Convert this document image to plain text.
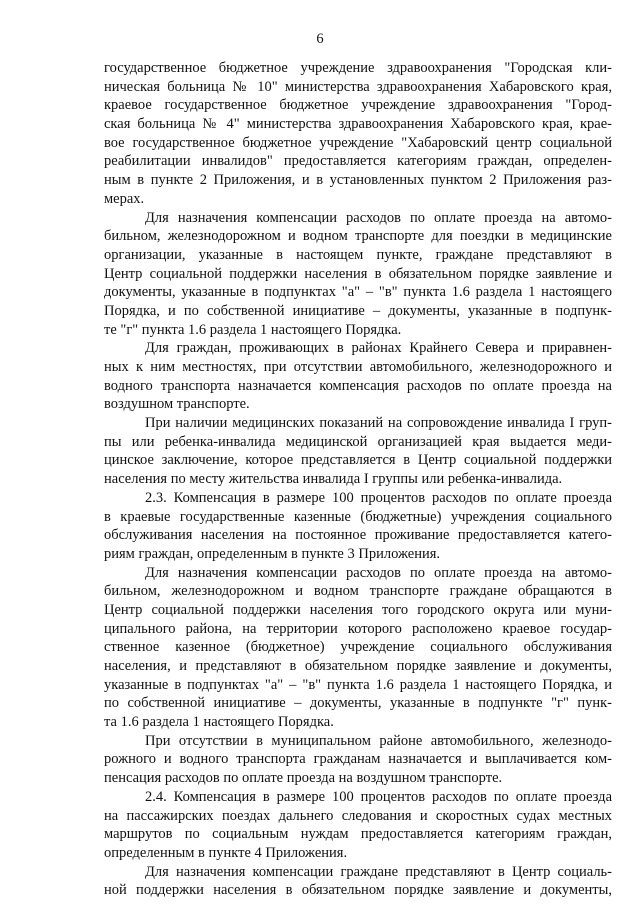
6
государственное бюджетное учреждение здравоохранения "Городская кли-
ническая больница № 10" министерства здравоохранения Хабаровского края,
краевое государственное бюджетное учреждение здравоохранения "Город-
ская больница № 4" министерства здравоохранения Хабаровского края, крае-
вое государственное бюджетное учреждение "Хабаровский центр социальной
реабилитации инвалидов" предоставляется категориям граждан, определен-
ным в пункте 2 Приложения, и в установленных пунктом 2 Приложения раз-
мерах.
Для назначения компенсации расходов по оплате проезда на автомо-
бильном, железнодорожном и водном транспорте для поездки в медицинские
организации, указанные в настоящем пункте, граждане представляют в
Центр социальной поддержки населения в обязательном порядке заявление и
документы, указанные в подпунктах "а" – "в" пункта 1.6 раздела 1 настоящего
Порядка, и по собственной инициативе – документы, указанные в подпунк-
те "г" пункта 1.6 раздела 1 настоящего Порядка.
Для граждан, проживающих в районах Крайнего Севера и приравнен-
ных к ним местностях, при отсутствии автомобильного, железнодорожного и
водного транспорта назначается компенсация расходов по оплате проезда на
воздушном транспорте.
При наличии медицинских показаний на сопровождение инвалида I груп-
пы или ребенка-инвалида медицинской организацией края выдается меди-
цинское заключение, которое представляется в Центр социальной поддержки
населения по месту жительства инвалида I группы или ребенка-инвалида.
2.3. Компенсация в размере 100 процентов расходов по оплате проезда
в краевые государственные казенные (бюджетные) учреждения социального
обслуживания населения на постоянное проживание предоставляется катего-
риям граждан, определенным в пункте 3 Приложения.
Для назначения компенсации расходов по оплате проезда на автомо-
бильном, железнодорожном и водном транспорте граждане обращаются в
Центр социальной поддержки населения того городского округа или муни-
ципального района, на территории которого расположено краевое государ-
ственное казенное (бюджетное) учреждение социального обслуживания
населения, и представляют в обязательном порядке заявление и документы,
указанные в подпунктах "а" – "в" пункта 1.6 раздела 1 настоящего Порядка, и
по собственной инициативе – документы, указанные в подпункте "г" пунк-
та 1.6 раздела 1 настоящего Порядка.
При отсутствии в муниципальном районе автомобильного, железнодо-
рожного и водного транспорта гражданам назначается и выплачивается ком-
пенсация расходов по оплате проезда на воздушном транспорте.
2.4. Компенсация в размере 100 процентов расходов по оплате проезда
на пассажирских поездах дальнего следования и скоростных судах местных
маршрутов по социальным нуждам предоставляется категориям граждан,
определенным в пункте 4 Приложения.
Для назначения компенсации граждане представляют в Центр социаль-
ной поддержки населения в обязательном порядке заявление и документы,
